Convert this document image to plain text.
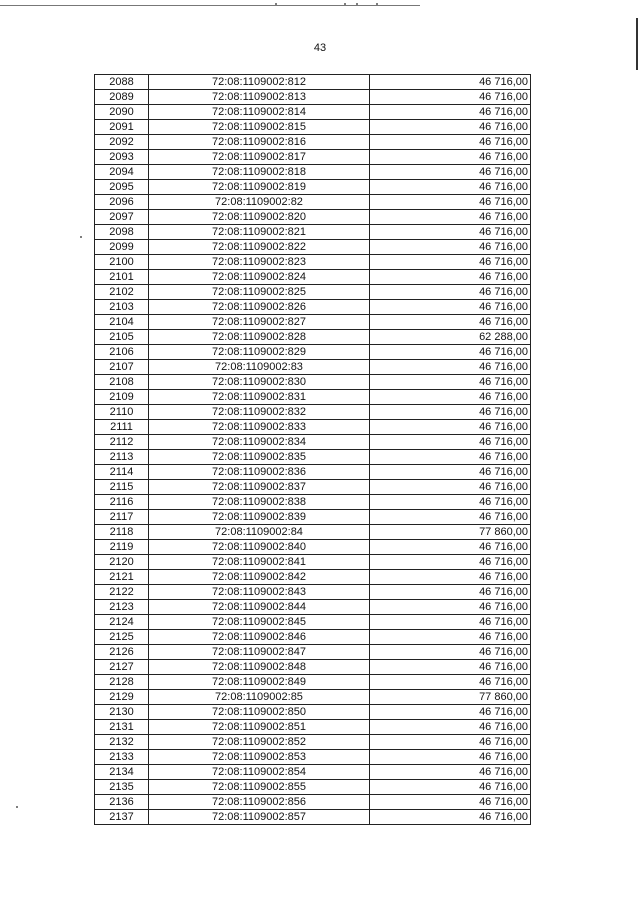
43
2088	72:08:1109002:812	46 716,00
2089	72:08:1109002:813	46 716,00
2090	72:08:1109002:814	46 716,00
2091	72:08:1109002:815	46 716,00
2092	72:08:1109002:816	46 716,00
2093	72:08:1109002:817	46 716,00
2094	72:08:1109002:818	46 716,00
2095	72:08:1109002:819	46 716,00
2096	72:08:1109002:82	46 716,00
2097	72:08:1109002:820	46 716,00
2098	72:08:1109002:821	46 716,00
2099	72:08:1109002:822	46 716,00
2100	72:08:1109002:823	46 716,00
2101	72:08:1109002:824	46 716,00
2102	72:08:1109002:825	46 716,00
2103	72:08:1109002:826	46 716,00
2104	72:08:1109002:827	46 716,00
2105	72:08:1109002:828	62 288,00
2106	72:08:1109002:829	46 716,00
2107	72:08:1109002:83	46 716,00
2108	72:08:1109002:830	46 716,00
2109	72:08:1109002:831	46 716,00
2110	72:08:1109002:832	46 716,00
2111	72:08:1109002:833	46 716,00
2112	72:08:1109002:834	46 716,00
2113	72:08:1109002:835	46 716,00
2114	72:08:1109002:836	46 716,00
2115	72:08:1109002:837	46 716,00
2116	72:08:1109002:838	46 716,00
2117	72:08:1109002:839	46 716,00
2118	72:08:1109002:84	77 860,00
2119	72:08:1109002:840	46 716,00
2120	72:08:1109002:841	46 716,00
2121	72:08:1109002:842	46 716,00
2122	72:08:1109002:843	46 716,00
2123	72:08:1109002:844	46 716,00
2124	72:08:1109002:845	46 716,00
2125	72:08:1109002:846	46 716,00
2126	72:08:1109002:847	46 716,00
2127	72:08:1109002:848	46 716,00
2128	72:08:1109002:849	46 716,00
2129	72:08:1109002:85	77 860,00
2130	72:08:1109002:850	46 716,00
2131	72:08:1109002:851	46 716,00
2132	72:08:1109002:852	46 716,00
2133	72:08:1109002:853	46 716,00
2134	72:08:1109002:854	46 716,00
2135	72:08:1109002:855	46 716,00
2136	72:08:1109002:856	46 716,00
2137	72:08:1109002:857	46 716,00
